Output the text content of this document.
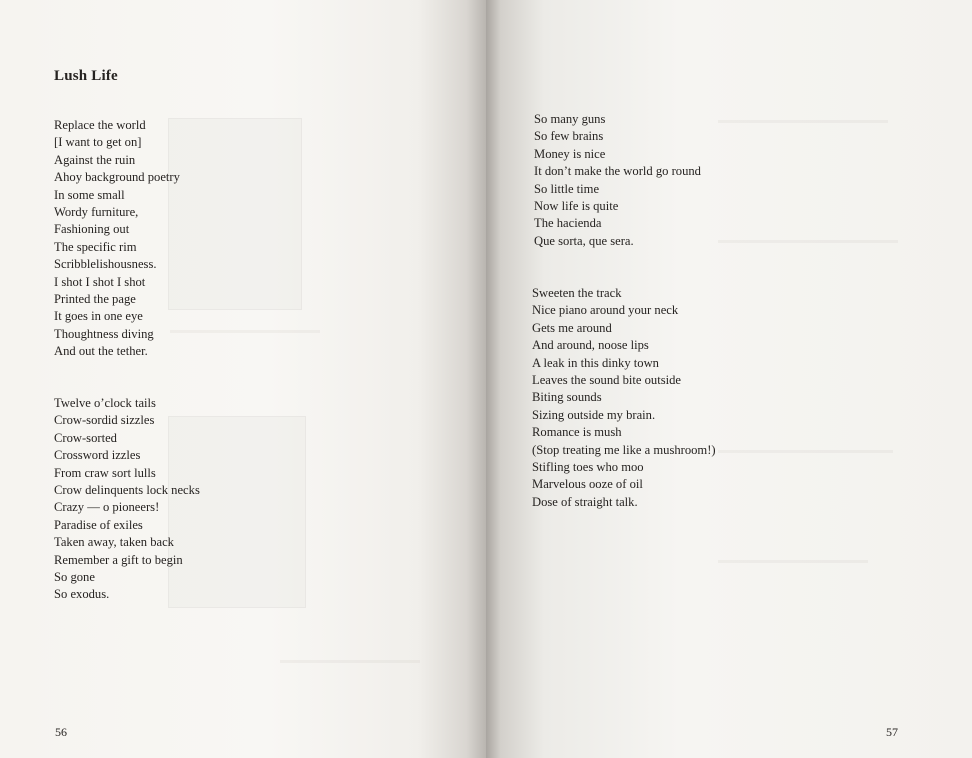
Lush Life
Replace the world
[I want to get on]
Against the ruin
Ahoy background poetry
In some small
Wordy furniture,
Fashioning out
The specific rim
Scribblelishousness.
I shot I shot I shot
Printed the page
It goes in one eye
Thoughtness diving
And out the tether.
Twelve o’clock tails
Crow-sordid sizzles
Crow-sorted
Crossword izzles
From craw sort lulls
Crow delinquents lock necks
Crazy — o pioneers!
Paradise of exiles
Taken away, taken back
Remember a gift to begin
So gone
So exodus.
56
So many guns
So few brains
Money is nice
It don’t make the world go round
So little time
Now life is quite
The hacienda
Que sorta, que sera.
Sweeten the track
Nice piano around your neck
Gets me around
And around, noose lips
A leak in this dinky town
Leaves the sound bite outside
Biting sounds
Sizing outside my brain.
Romance is mush
(Stop treating me like a mushroom!)
Stifling toes who moo
Marvelous ooze of oil
Dose of straight talk.
57
